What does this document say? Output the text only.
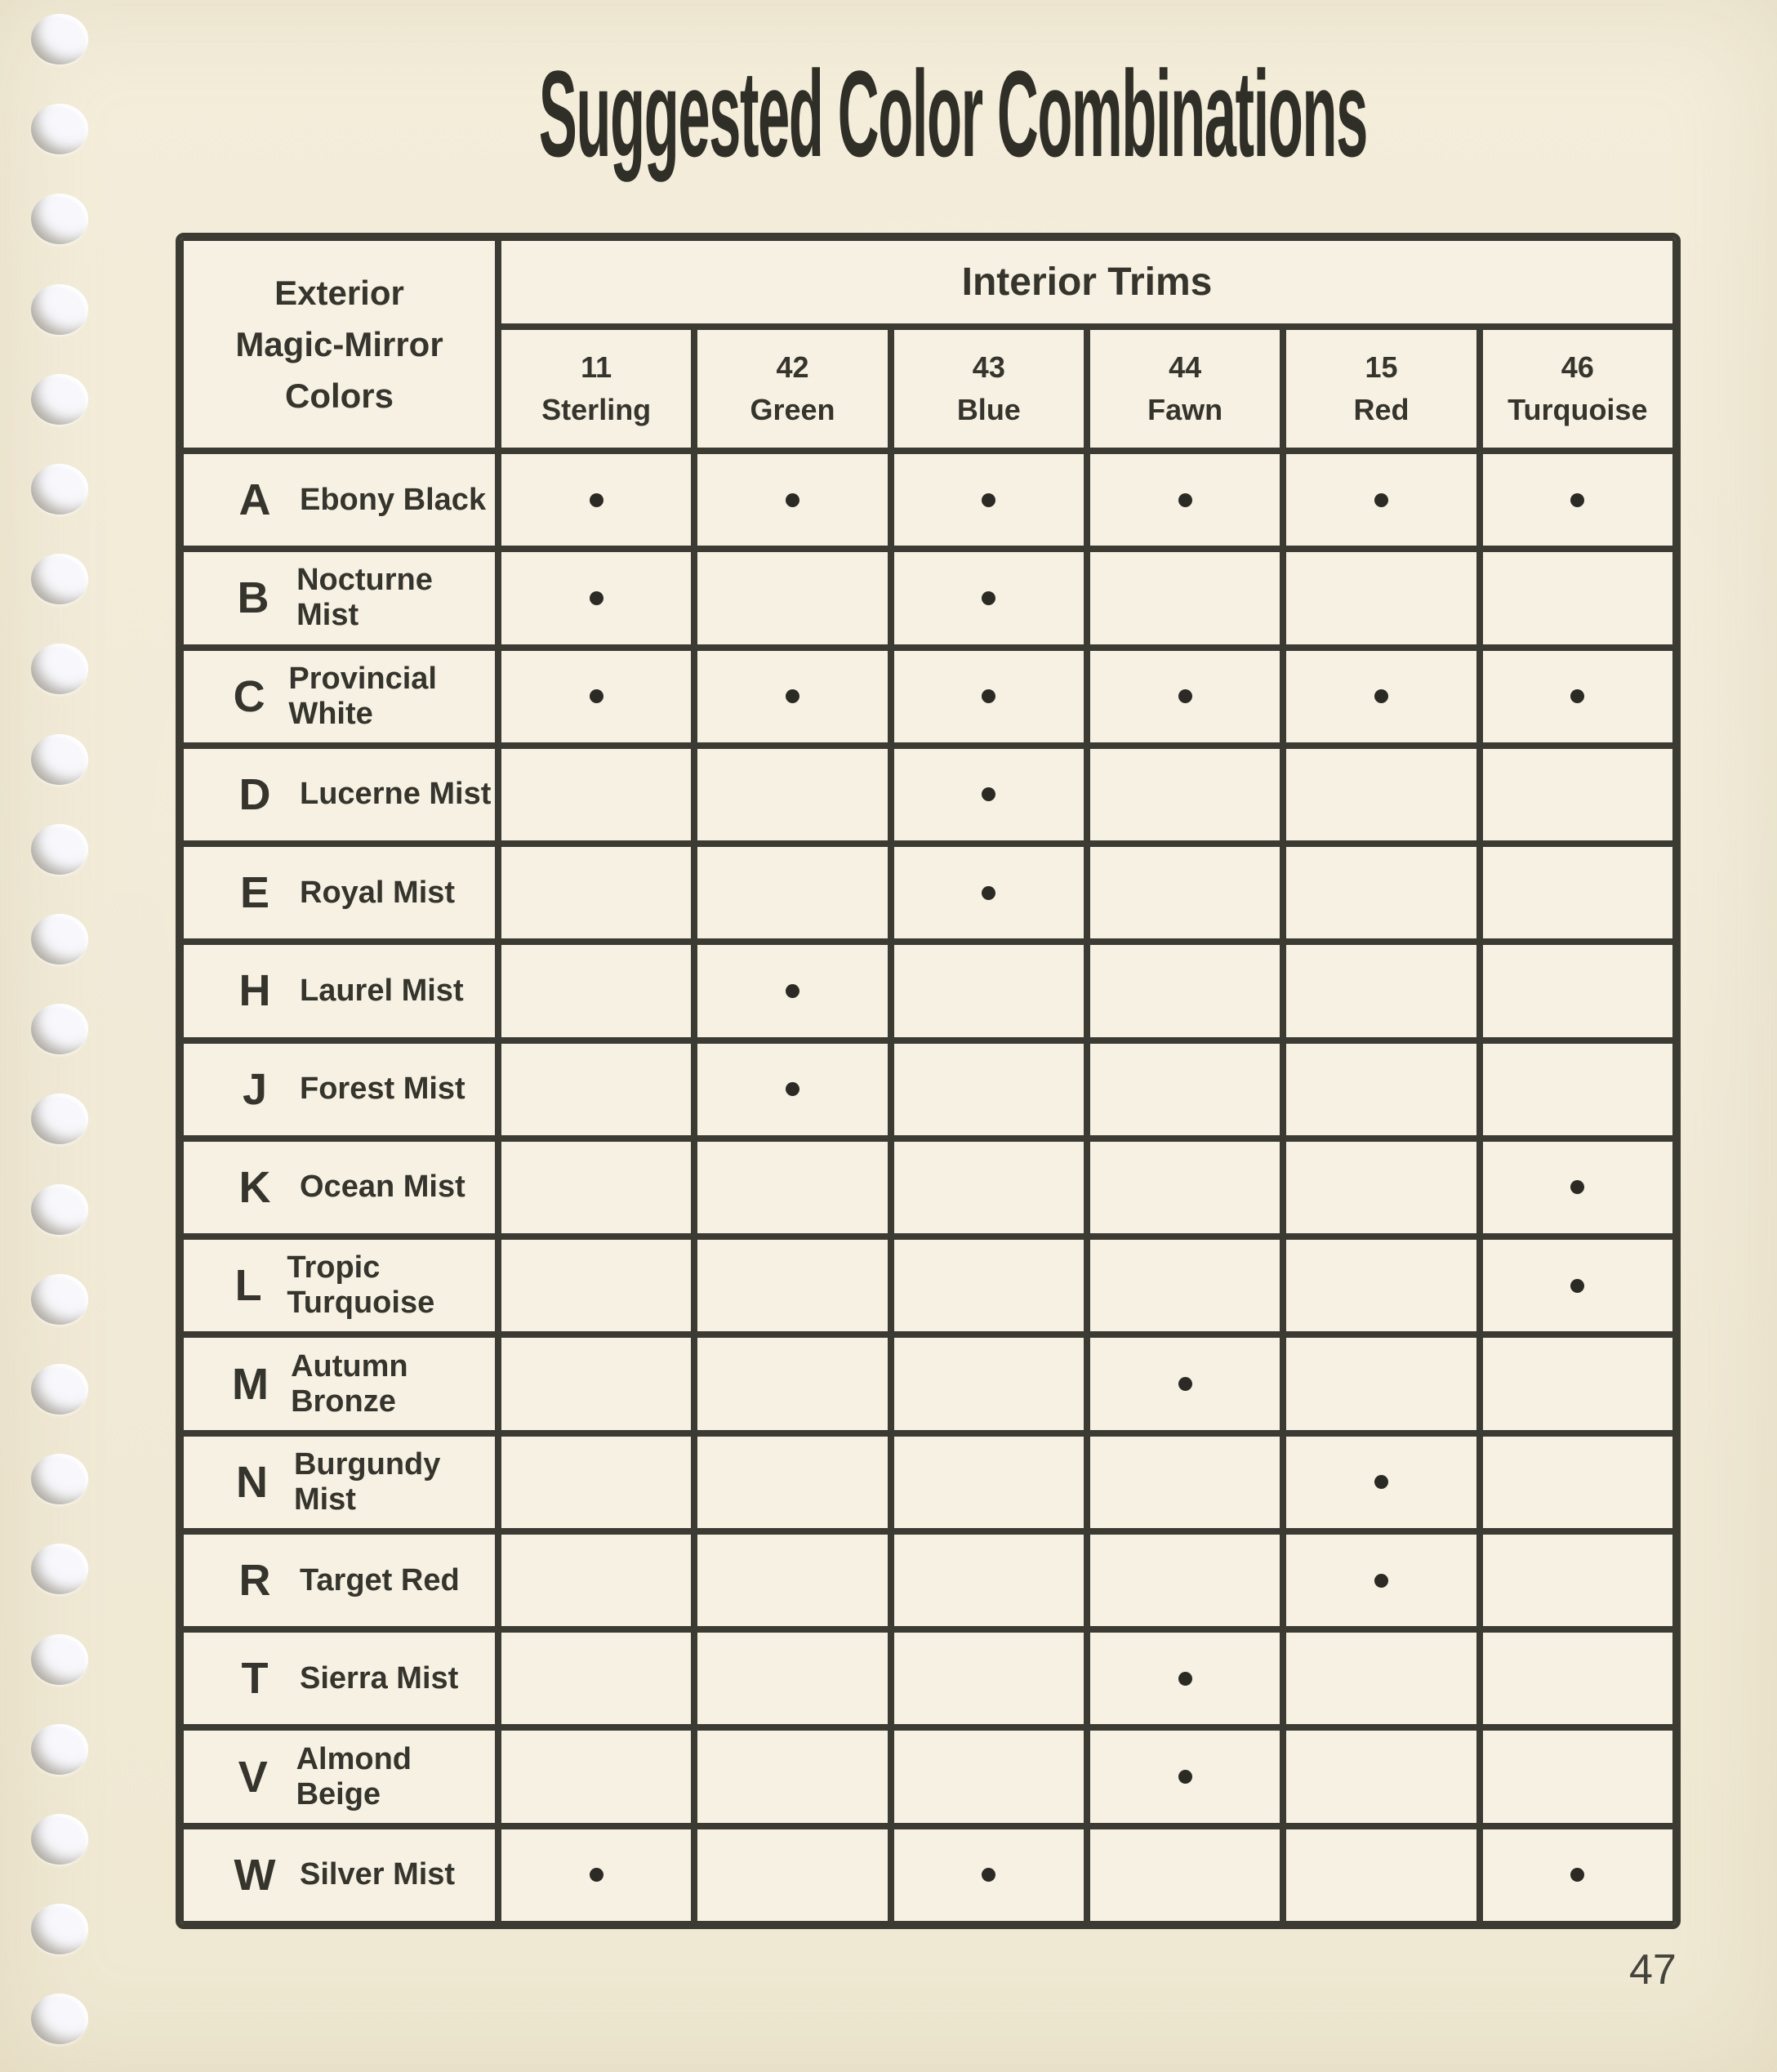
Suggested Color Combinations
Exterior
Magic-Mirror
Colors
Interior Trims
11
Sterling
42
Green
43
Blue
44
Fawn
15
Red
46
Turquoise
A Ebony Black
B Nocturne Mist
C Provincial White
D Lucerne Mist
E Royal Mist
H Laurel Mist
J	Forest Mist
K Ocean Mist
L Tropic Turquoise
M Autumn Bronze
N Burgundy Mist
R Target Red
T	Sierra Mist
V Almond Beige
W Silver Mist
47
